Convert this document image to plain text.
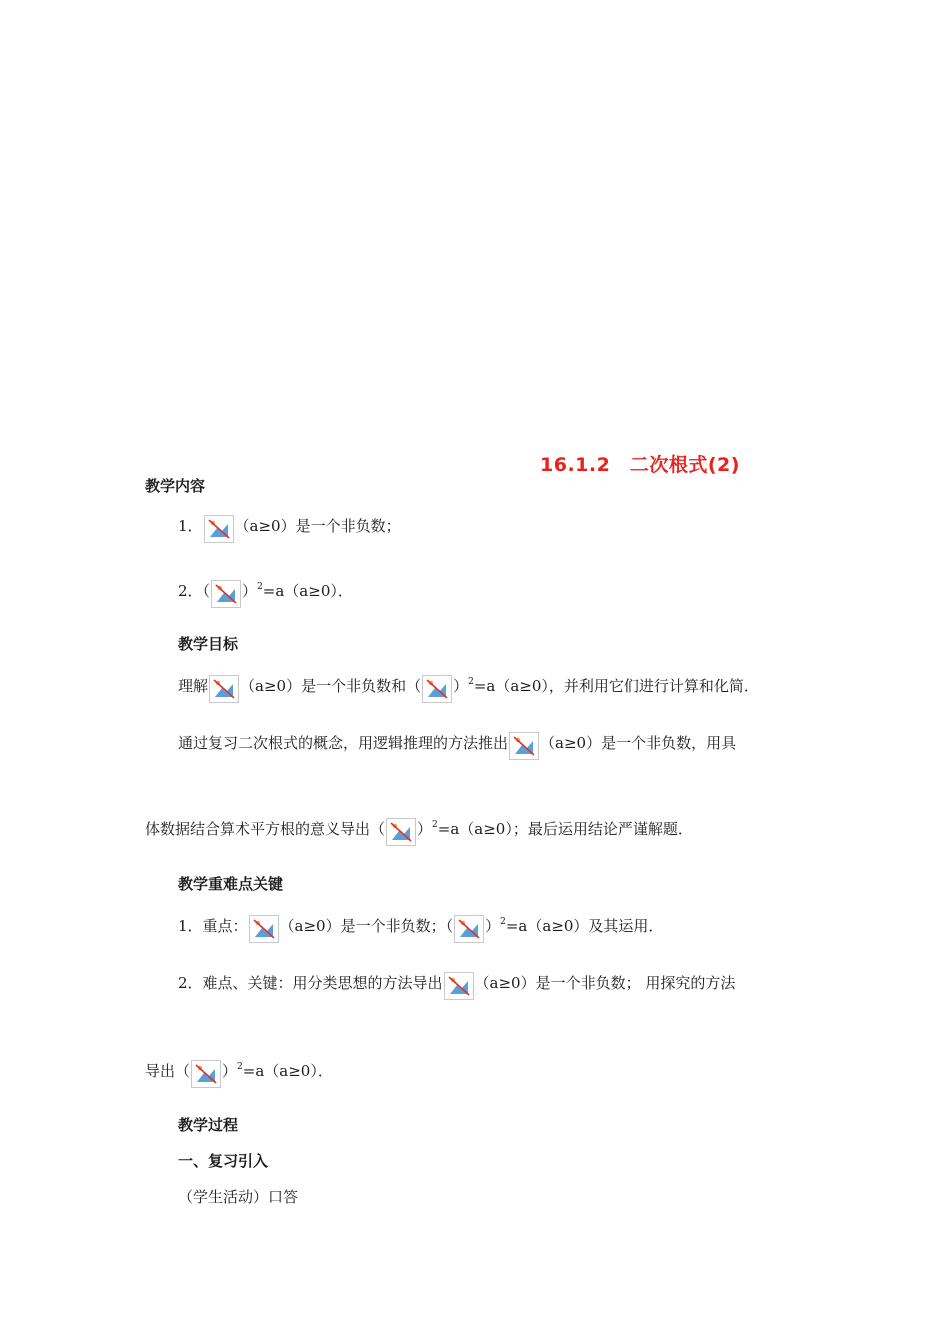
16.1.2　二次根式(2)
教学内容
1． （a≥0）是一个非负数；
2．（ ）$^2$=a（a≥0）．
教学目标
理解 （a≥0）是一个非负数和（ ）$^2$=a（a≥0），并利用它们进行计算和化简．
通过复习二次根式的概念，用逻辑推理的方法推出 （a≥0）是一个非负数，用具
体数据结合算术平方根的意义导出（ ）$^2$=a（a≥0）；最后运用结论严谨解题．
教学重难点关键
1．重点： （a≥0）是一个非负数；（ ）$^2$=a（a≥0）及其运用．
2．难点、关键：用分类思想的方法导出 （a≥0）是一个非负数； 用探究的方法
导出（ ）$^2$=a（a≥0）．
教学过程
一、复习引入
（学生活动）口答
